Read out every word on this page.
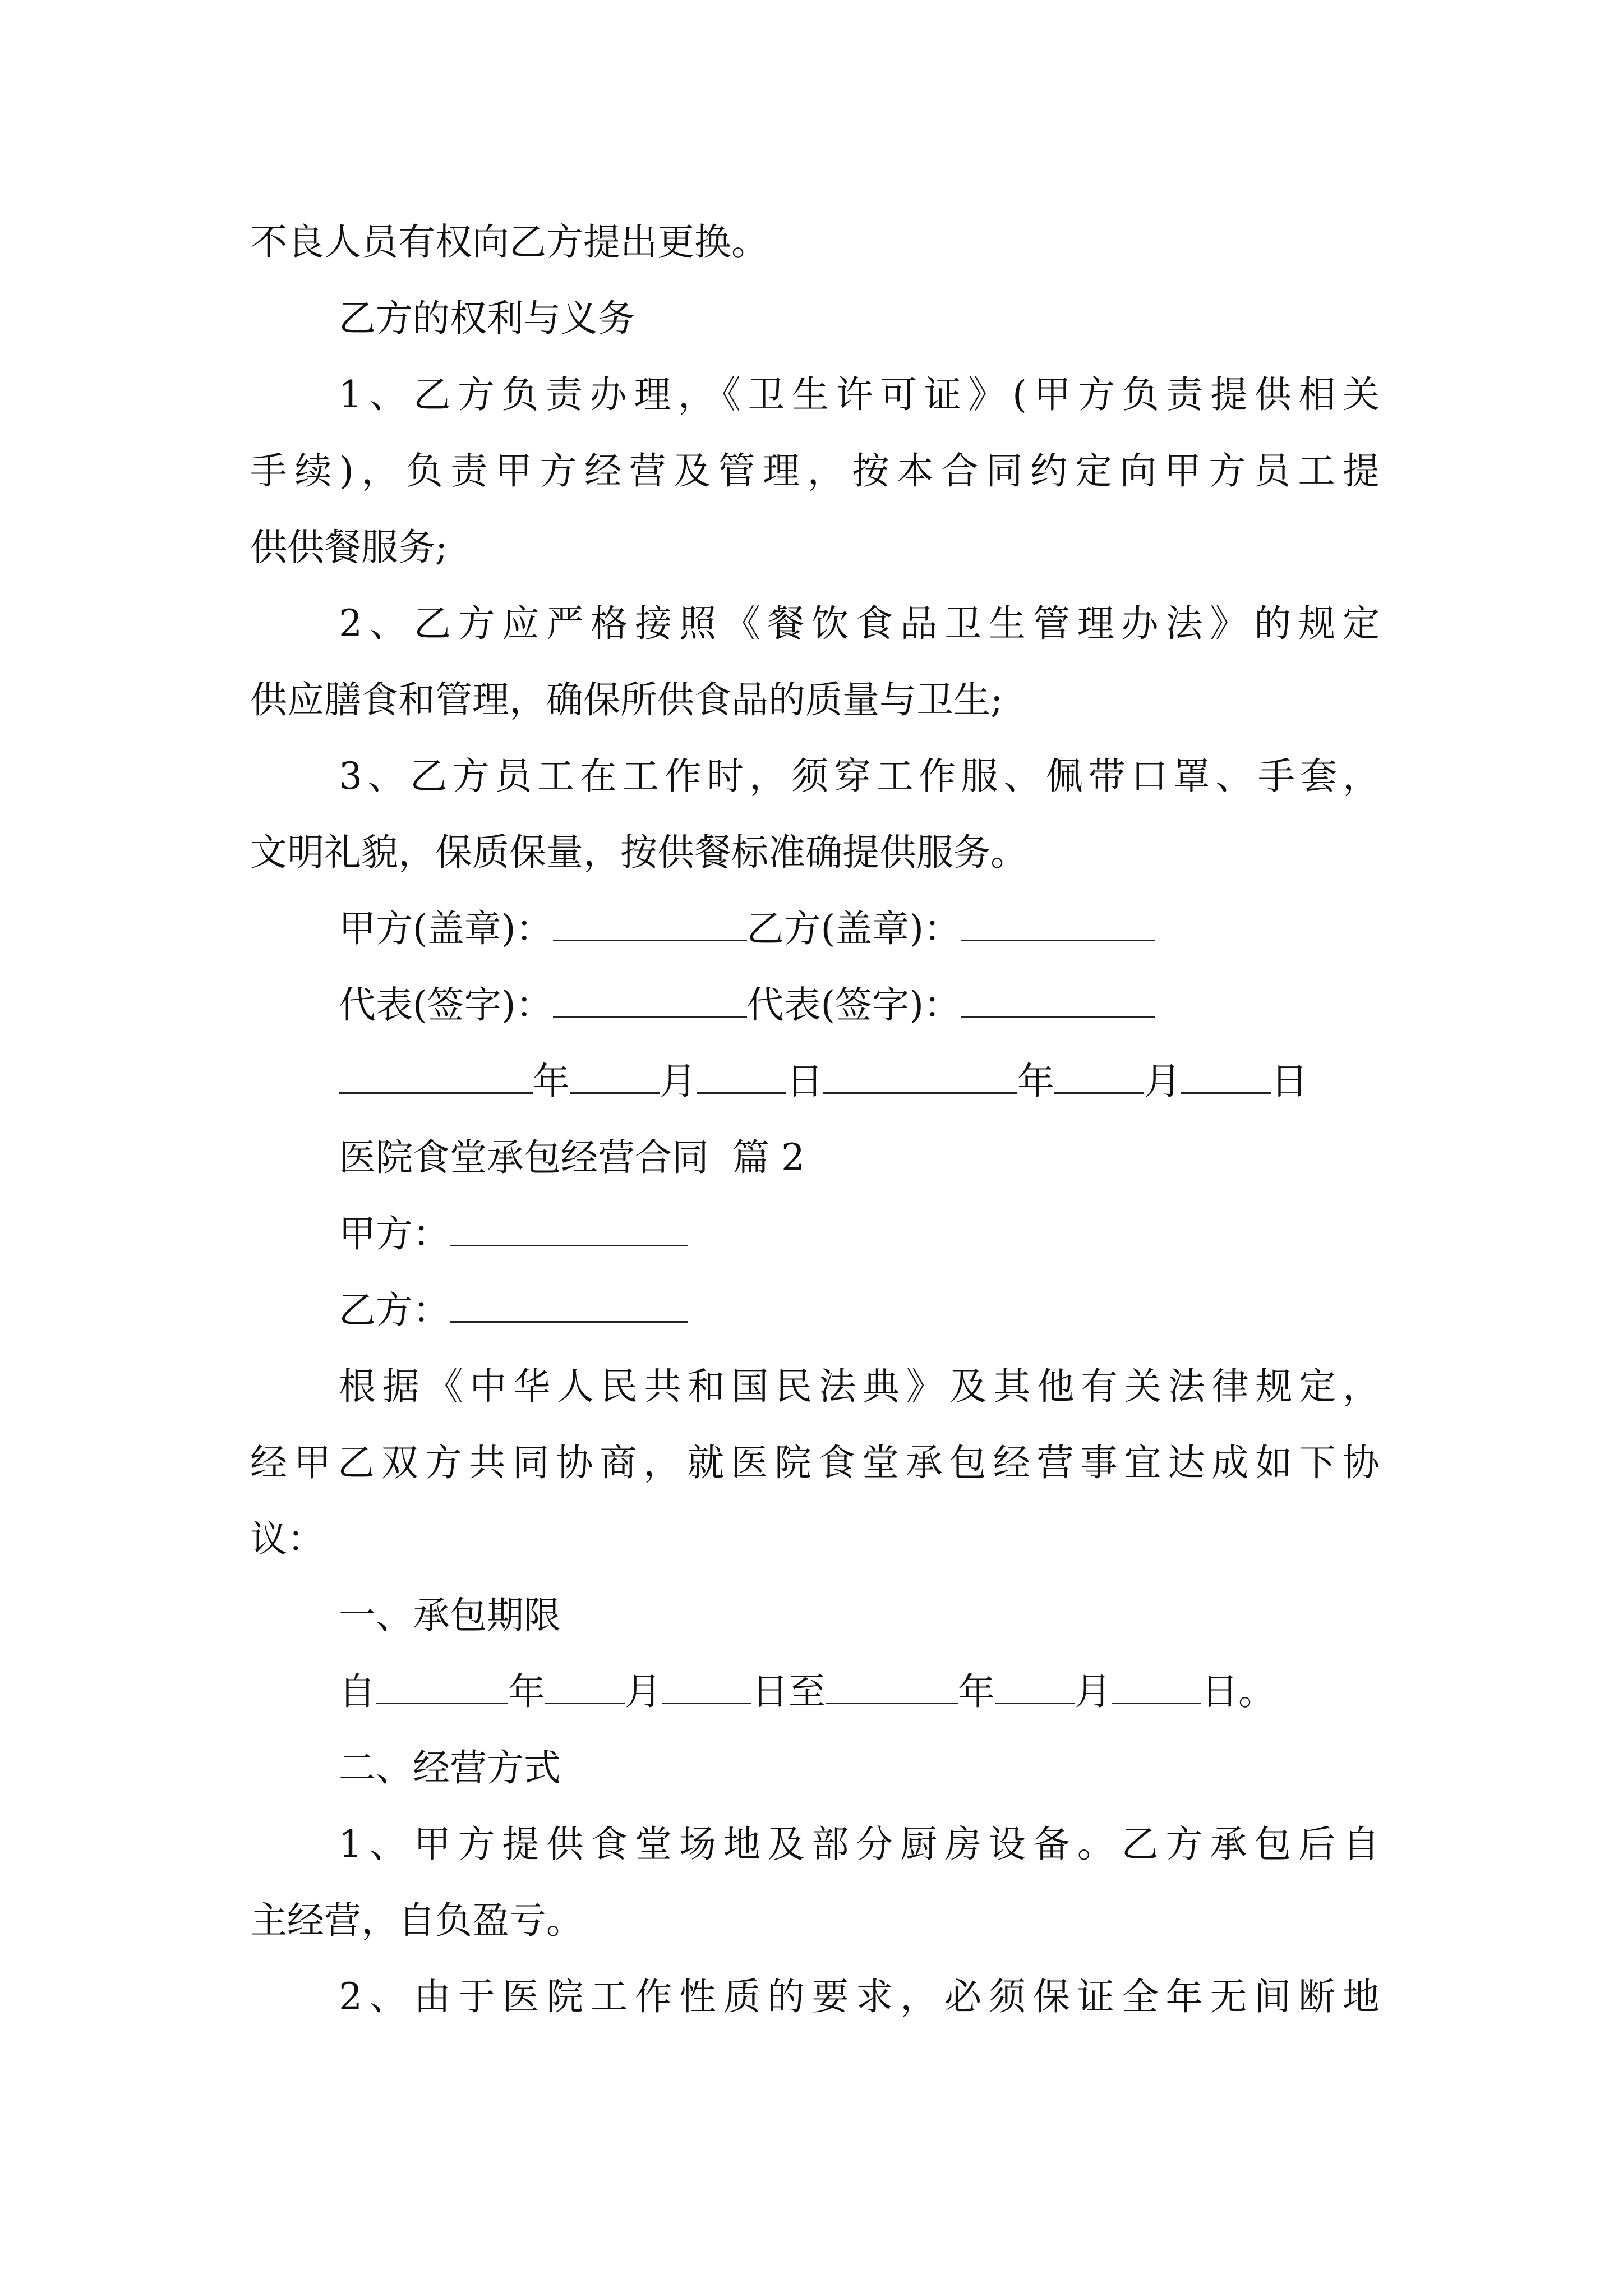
不良人员有权向乙方提出更换。
乙方的权利与义务
1、乙方负责办理，《卫生许可证》(甲方负责提供相关
手续)，负责甲方经营及管理，按本合同约定向甲方员工提
供供餐服务;
2、乙方应严格接照《餐饮食品卫生管理办法》的规定
供应膳食和管理，确保所供食品的质量与卫生;
3、乙方员工在工作时，须穿工作服、佩带口罩、手套，
文明礼貌，保质保量，按供餐标准确提供服务。
甲方(盖章)：	乙方(盖章)：
代表(签字)：	代表(签字)：
年 月 日	年 月 日
医院食堂承包经营合同  篇 2
甲方：
乙方：
根据《中华人民共和国民法典》及其他有关法律规定，
经甲乙双方共同协商，就医院食堂承包经营事宜达成如下协
议：
一、承包期限
自	年 月 日至	年 月 日。
二、经营方式
1、甲方提供食堂场地及部分厨房设备。乙方承包后自
主经营，自负盈亏。
2、由于医院工作性质的要求，必须保证全年无间断地
